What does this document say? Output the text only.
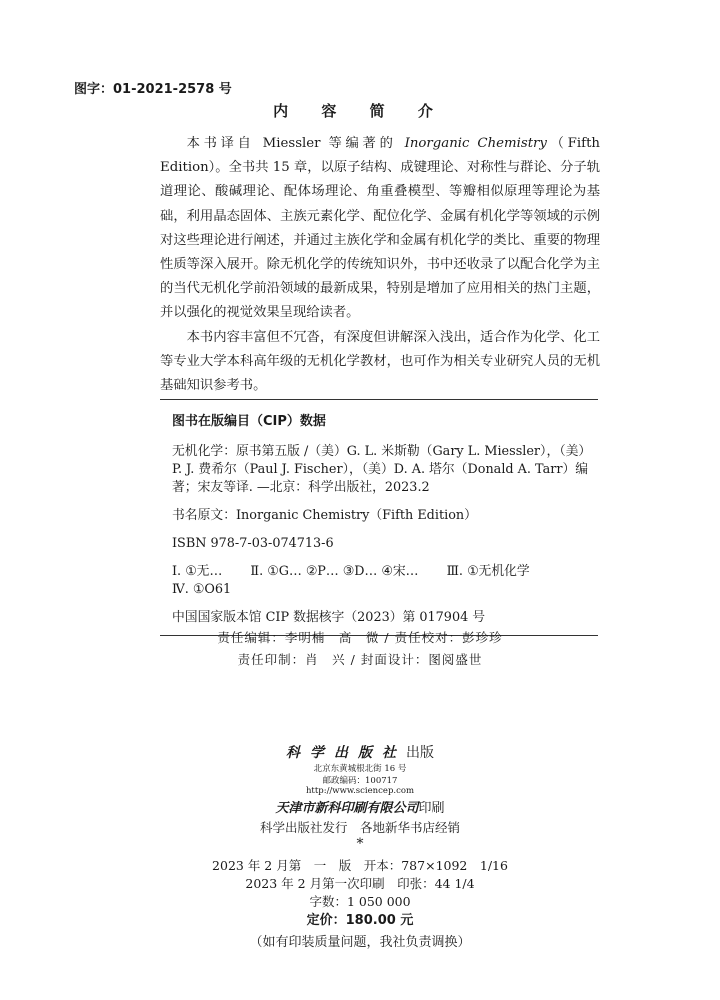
图字：01-2021-2578 号
内 容 简 介

本书译自 Miessler 等编著的 Inorganic Chemistry（Fifth Edition）。全书共 15 章，以原子结构、成键理论、对称性与群论、分子轨道理论、酸碱理论、配体场理论、角重叠模型、等瓣相似原理等理论为基础，利用晶态固体、主族元素化学、配位化学、金属有机化学等领域的示例对这些理论进行阐述，并通过主族化学和金属有机化学的类比、重要的物理性质等深入展开。除无机化学的传统知识外，书中还收录了以配合化学为主的当代无机化学前沿领域的最新成果，特别是增加了应用相关的热门主题，并以强化的视觉效果呈现给读者。

本书内容丰富但不冗沓，有深度但讲解深入浅出，适合作为化学、化工等专业大学本科高年级的无机化学教材，也可作为相关专业研究人员的无机基础知识参考书。

图书在版编目（CIP）数据
无机化学：原书第五版 /（美）G. L. 米斯勒（Gary L. Miessler），（美）P. J. 费希尔（Paul J. Fischer），（美）D. A. 塔尔（Donald A. Tarr）编著；宋友等译. —北京：科学出版社，2023.2
书名原文：Inorganic Chemistry（Fifth Edition）
ISBN 978-7-03-074713-6
Ⅰ. ①无… Ⅱ. ①G… ②P… ③D… ④宋… Ⅲ. ①无机化学
Ⅳ. ①O61
中国国家版本馆 CIP 数据核字（2023）第 017904 号
责任编辑：李明楠　高　微 / 责任校对：彭珍珍
责任印制：肖　兴 / 封面设计：图阅盛世
科学出版社出版
北京东黄城根北街 16 号
邮政编码：100717
http://www.sciencep.com
天津市新科印刷有限公司印刷
科学出版社发行　各地新华书店经销
*
2023 年 2 月第　一　版　开本：787×1092　1/16
2023 年 2 月第一次印刷　印张：44 1/4
字数：1 050 000
定价：180.00 元
（如有印装质量问题，我社负责调换）
